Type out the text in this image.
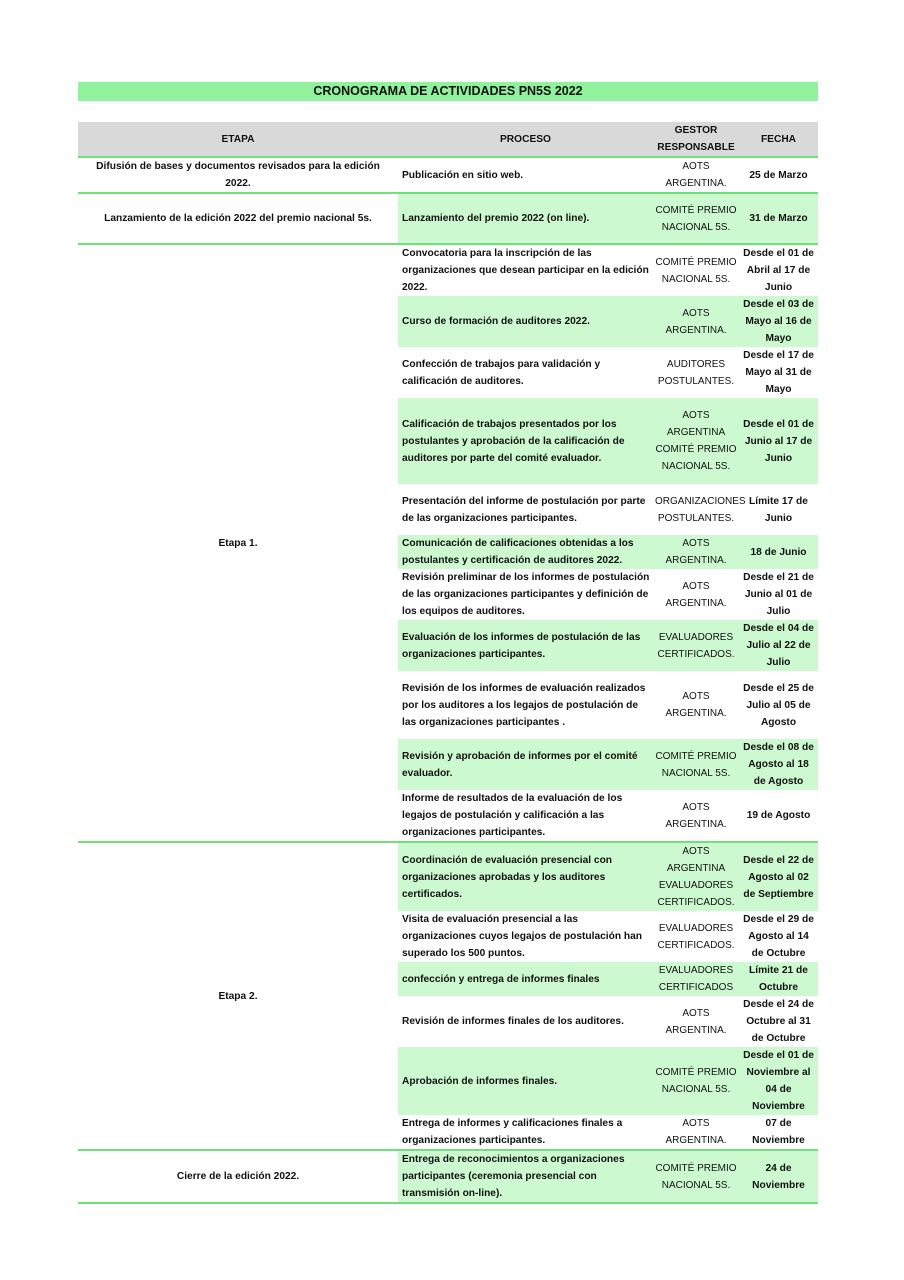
CRONOGRAMA DE ACTIVIDADES PN5S 2022
ETAPA	PROCESO	GESTOR RESPONSABLE	FECHA
Difusión de bases y documentos revisados para la edición 2022.	Publicación en sitio web.	AOTS ARGENTINA.	25 de Marzo
Lanzamiento de la edición 2022 del premio nacional 5s.	Lanzamiento del premio 2022 (on line).	COMITÉ PREMIO NACIONAL 5S.	31 de Marzo
Etapa 1.	Convocatoria para la inscripción de las organizaciones que desean participar en la edición 2022.	COMITÉ PREMIO NACIONAL 5S.	Desde el 01 de Abril al 17 de Junio
	Curso de formación de auditores 2022.	AOTS ARGENTINA.	Desde el 03 de Mayo al 16 de Mayo
	Confección de trabajos para validación y calificación de auditores.	AUDITORES POSTULANTES.	Desde el 17 de Mayo al 31 de Mayo
	Calificación de trabajos presentados por los postulantes y aprobación de la calificación de auditores por parte del comité evaluador.	AOTS ARGENTINA COMITÉ PREMIO NACIONAL 5S.	Desde el 01 de Junio al 17 de Junio
	Presentación del informe de postulación por parte de las organizaciones participantes.	ORGANIZACIONES POSTULANTES.	Límite 17 de Junio
	Comunicación de calificaciones obtenidas a los postulantes y certificación de auditores 2022.	AOTS ARGENTINA.	18 de Junio
	Revisión preliminar de los informes de postulación de las organizaciones participantes y definición de los equipos de auditores.	AOTS ARGENTINA.	Desde el 21 de Junio al 01 de Julio
	Evaluación de los informes de postulación de las organizaciones participantes.	EVALUADORES CERTIFICADOS.	Desde el 04 de Julio al 22 de Julio
	Revisión de los informes de evaluación realizados por los auditores a los legajos de postulación de las organizaciones participantes .	AOTS ARGENTINA.	Desde el 25 de Julio al 05 de Agosto
	Revisión y aprobación de informes por el comité evaluador.	COMITÉ PREMIO NACIONAL 5S.	Desde el 08 de Agosto al 18 de Agosto
	Informe de resultados de la evaluación de los legajos de postulación y calificación a las organizaciones participantes.	AOTS ARGENTINA.	19 de Agosto
Etapa 2.	Coordinación de evaluación presencial con organizaciones aprobadas y los auditores certificados.	AOTS ARGENTINA EVALUADORES CERTIFICADOS.	Desde el 22 de Agosto al 02 de Septiembre
	Visita de evaluación presencial a las organizaciones cuyos legajos de postulación han superado los 500 puntos.	EVALUADORES CERTIFICADOS.	Desde el 29 de Agosto al 14 de Octubre
	confección y entrega de informes finales	EVALUADORES CERTIFICADOS	Límite 21 de Octubre
	Revisión de informes finales de los auditores.	AOTS ARGENTINA.	Desde el 24 de Octubre al 31 de Octubre
	Aprobación de informes finales.	COMITÉ PREMIO NACIONAL 5S.	Desde el 01 de Noviembre al 04 de Noviembre
	Entrega de informes y calificaciones finales a organizaciones participantes.	AOTS ARGENTINA.	07 de Noviembre
Cierre de la edición 2022.	Entrega de reconocimientos a organizaciones participantes (ceremonia presencial con transmisión on-line).	COMITÉ PREMIO NACIONAL 5S.	24 de Noviembre
